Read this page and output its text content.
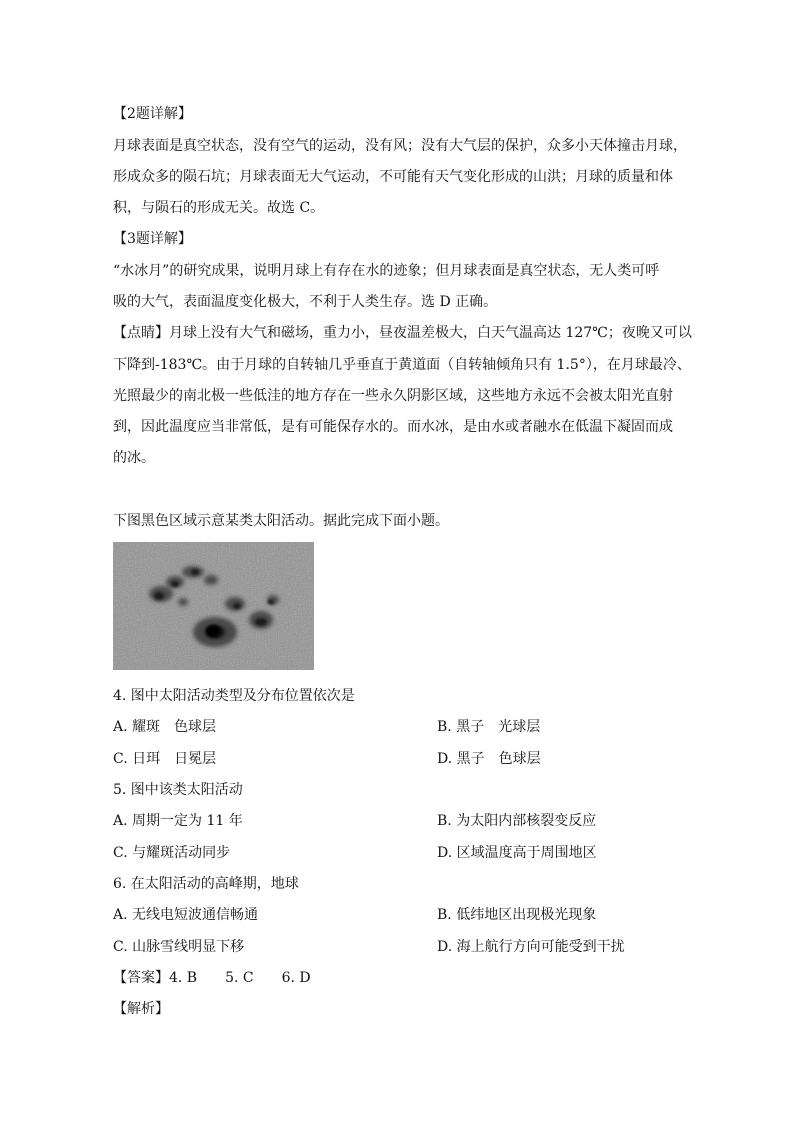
【2题详解】
月球表面是真空状态，没有空气的运动，没有风；没有大气层的保护，众多小天体撞击月球，
形成众多的陨石坑；月球表面无大气运动，不可能有天气变化形成的山洪；月球的质量和体
积，与陨石的形成无关。故选 C。
【3题详解】
“水冰月”的研究成果，说明月球上有存在水的迹象；但月球表面是真空状态，无人类可呼
吸的大气，表面温度变化极大，不利于人类生存。选 D 正确。
【点睛】月球上没有大气和磁场，重力小，昼夜温差极大，白天气温高达 127℃；夜晚又可以
下降到-183℃。由于月球的自转轴几乎垂直于黄道面（自转轴倾角只有 1.5°），在月球最冷、
光照最少的南北极一些低洼的地方存在一些永久阴影区域，这些地方永远不会被太阳光直射
到，因此温度应当非常低，是有可能保存水的。而水冰，是由水或者融水在低温下凝固而成
的冰。
下图黑色区域示意某类太阳活动。据此完成下面小题。
4. 图中太阳活动类型及分布位置依次是
A. 耀斑　色球层	B. 黑子　光球层
C. 日珥　日冕层	D. 黑子　色球层
5. 图中该类太阳活动
A. 周期一定为 11 年	B. 为太阳内部核裂变反应
C. 与耀斑活动同步	D. 区域温度高于周围地区
6. 在太阳活动的高峰期，地球
A. 无线电短波通信畅通	B. 低纬地区出现极光现象
C. 山脉雪线明显下移	D. 海上航行方向可能受到干扰
【答案】4. B　　5. C　　6. D
【解析】
